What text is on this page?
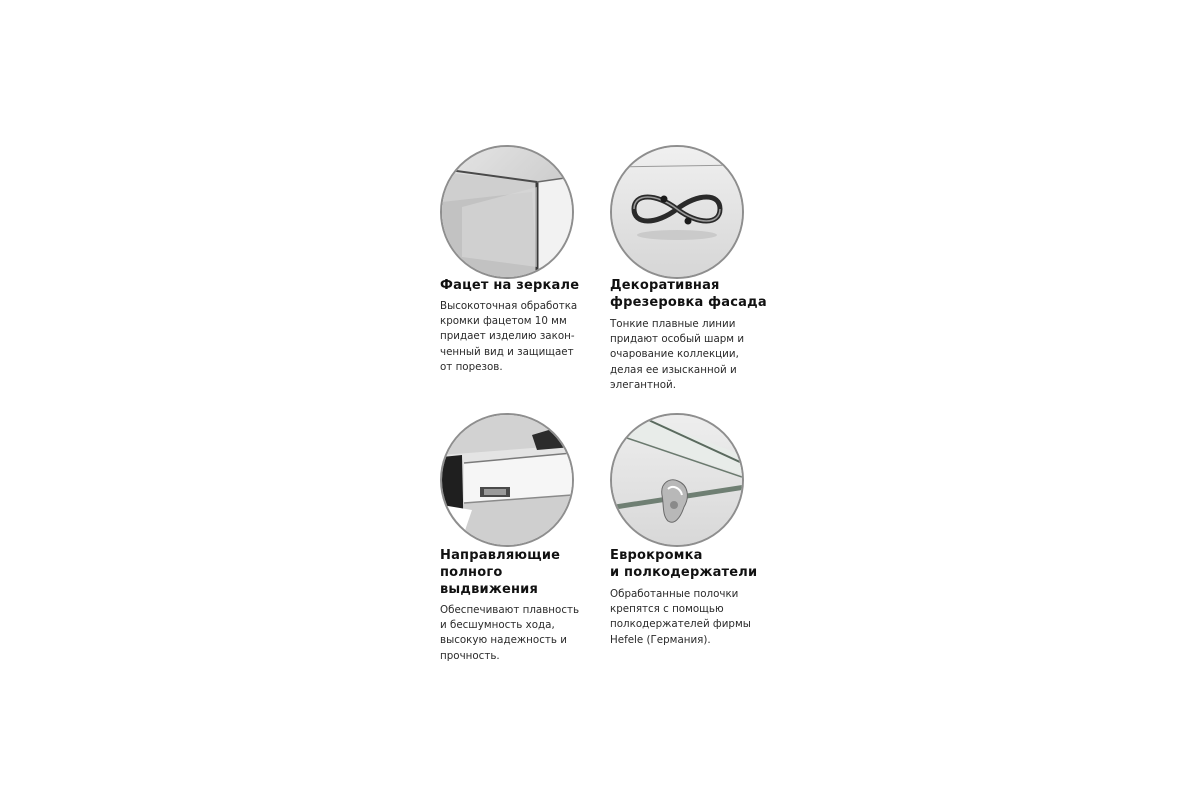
Фацет на зеркале
Высокоточная обработка
кромки фацетом 10 мм
придает изделию закон-
ченный вид и защищает
от порезов.
Декоративная
фрезеровка фасада
Тонкие плавные линии
придают особый шарм и
очарование коллекции,
делая ее изысканной и
элегантной.
Направляющие
полного
выдвижения
Обеспечивают плавность
и бесшумность хода,
высокую надежность и
прочность.
Еврокромка
и полкодержатели
Обработанные полочки
крепятся с помощью
полкодержателей фирмы
Hefele (Германия).
